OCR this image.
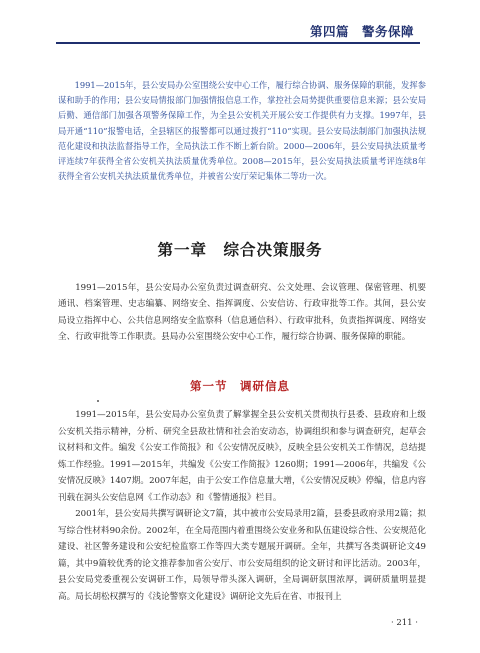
第四篇　警务保障

1991—2015年，县公安局办公室围绕公安中心工作，履行综合协调、服务保障的职能，发挥参谋和助手的作用；县公安局情报部门加强情报信息工作，掌控社会局势提供重要信息来源；县公安局后勤、通信部门加强各项警务保障工作，为全县公安机关开展公安工作提供有力支撑。1997年，县局开通“110”报警电话，全县辖区的报警都可以通过拨打“110”实现。县公安局法制部门加强执法规范化建设和执法监督指导工作，全局执法工作不断上新台阶。2000—2006年，县公安局执法质量考评连续7年获得全省公安机关执法质量优秀单位。2008—2015年，县公安局执法质量考评连续8年获得全省公安机关执法质量优秀单位，并被省公安厅荣记集体二等功一次。

第一章　综合决策服务

1991—2015年，县公安局办公室负责过调查研究、公文处理、会议管理、保密管理、机要通讯、档案管理、史志编纂、网络安全、指挥调度、公安信访、行政审批等工作。其间，县公安局设立指挥中心、公共信息网络安全监察科（信息通信科）、行政审批科，负责指挥调度、网络安全、行政审批等工作职责。县局办公室围绕公安中心工作，履行综合协调、服务保障的职能。

第一节　调研信息

1991—2015年，县公安局办公室负责了解掌握全县公安机关贯彻执行县委、县政府和上级公安机关指示精神，分析、研究全县敌社情和社会治安动态，协调组织和参与调查研究，起草会议材料和文件。编发《公安工作简报》和《公安情况反映》，反映全县公安机关工作情况，总结提炼工作经验。1991—2015年，共编发《公安工作简报》1260期；1991—2006年，共编发《公安情况反映》1407期。2007年起，由于公安工作信息量大增，《公安情况反映》停编，信息内容刊载在洞头公安信息网《工作动态》和《警情通报》栏目。

2001年，县公安局共撰写调研论文7篇，其中被市公安局录用2篇，县委县政府录用2篇；拟写综合性材料90余份。2002年，在全局范围内着重围绕公安业务和队伍建设综合性、公安规范化建设、社区警务建设和公安纪检监察工作等四大类专题展开调研。全年，共撰写各类调研论文49篇，其中9篇较优秀的论文推荐参加省公安厅、市公安局组织的论文研讨和评比活动。2003年，县公安局党委重视公安调研工作，局领导带头深入调研，全局调研氛围浓厚，调研质量明显提高。局长胡松权撰写的《浅论警察文化建设》调研论文先后在省、市报刊上

· 211 ·
